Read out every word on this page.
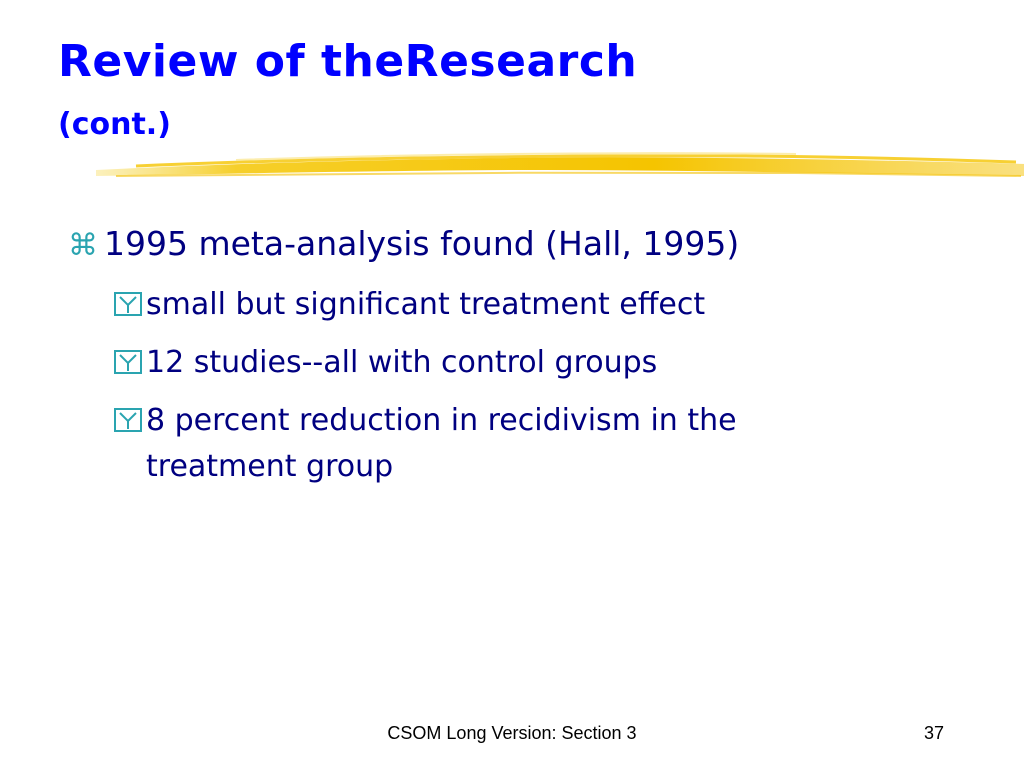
Review of theResearch
(cont.)
⌘ 1995 meta-analysis found (Hall, 1995)
small but significant treatment effect
12 studies--all with control groups
8 percent reduction in recidivism in the
treatment group
CSOM Long Version: Section 3	37
